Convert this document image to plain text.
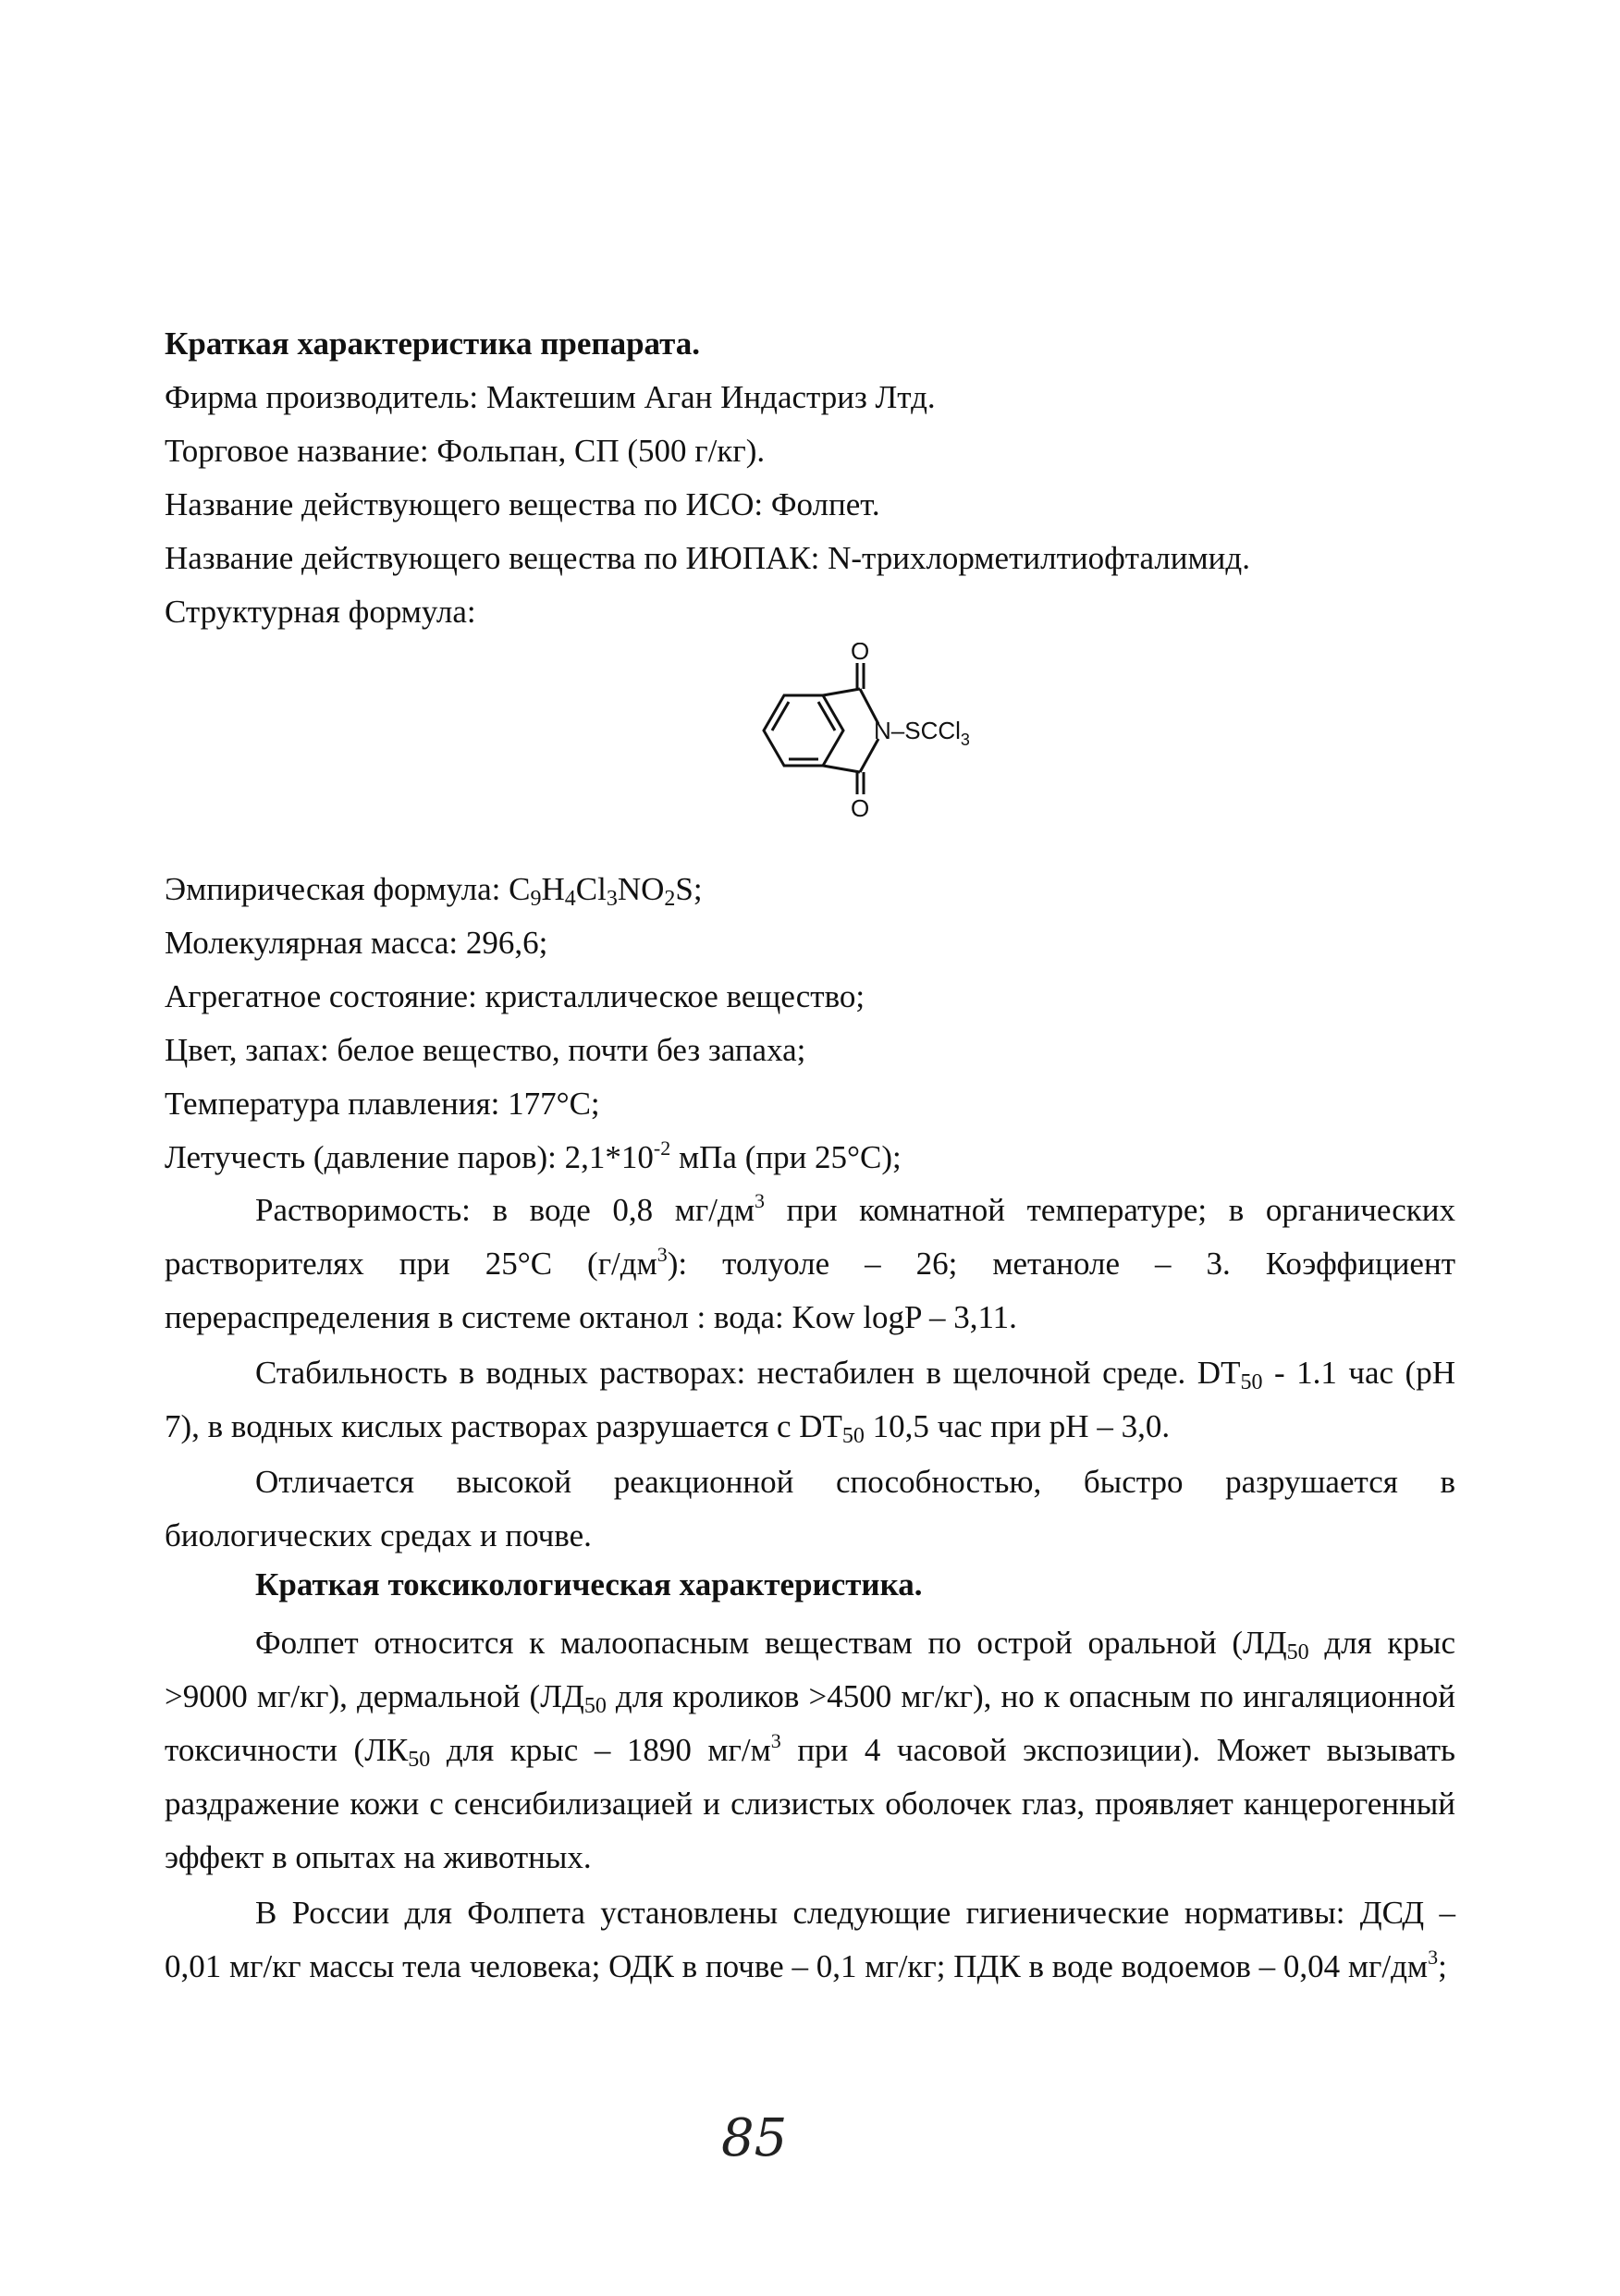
Краткая характеристика препарата.
Фирма производитель: Мактешим Аган Индастриз Лтд.
Торговое название: Фольпан, СП (500 г/кг).
Название действующего вещества по ИСО: Фолпет.
Название действующего вещества по ИЮПАК: N-трихлорметилтиофталимид.
Структурная формула:
O
O
N–SCCl$_3$
Эмпирическая формула: $C_9H_4Cl_3NO_2S$;
Молекулярная масса: 296,6;
Агрегатное состояние: кристаллическое вещество;
Цвет, запах: белое вещество, почти без запаха;
Температура плавления: 177°С;
Летучесть (давление паров): $2,1*10^{-2}$ мПа (при 25°С);
Растворимость: в воде 0,8 $мг/дм^3$ при комнатной температуре; в органических растворителях при 25°С $(г/дм^3)$: толуоле – 26; метаноле – 3. Коэффициент перераспределения в системе октанол : вода: Kow logP – 3,11.
Стабильность в водных растворах: нестабилен в щелочной среде. $DT_{50} - 1.1$ час (pH 7), в водных кислых растворах разрушается с $DT_{50}$ 10,5 час при pH – 3,0.
Отличается высокой реакционной способностью, быстро разрушается в биологических средах и почве.
Краткая токсикологическая характеристика.
Фолпет относится к малоопасным веществам по острой оральной ($ЛД_{50}$ для крыс >9000 мг/кг), дермальной ($ЛД_{50}$ для кроликов >4500 мг/кг), но к опасным по ингаляционной токсичности ($ЛК_{50}$ для крыс – 1890 $мг/м^3$ при 4 часовой экспозиции). Может вызывать раздражение кожи с сенсибилизацией и слизистых оболочек глаз, проявляет канцерогенный эффект в опытах на животных.
В России для Фолпета установлены следующие гигиенические нормативы: ДСД – 0,01 мг/кг массы тела человека; ОДК в почве – 0,1 мг/кг; ПДК в воде водоемов – 0,04 $мг/дм^3$;
85
